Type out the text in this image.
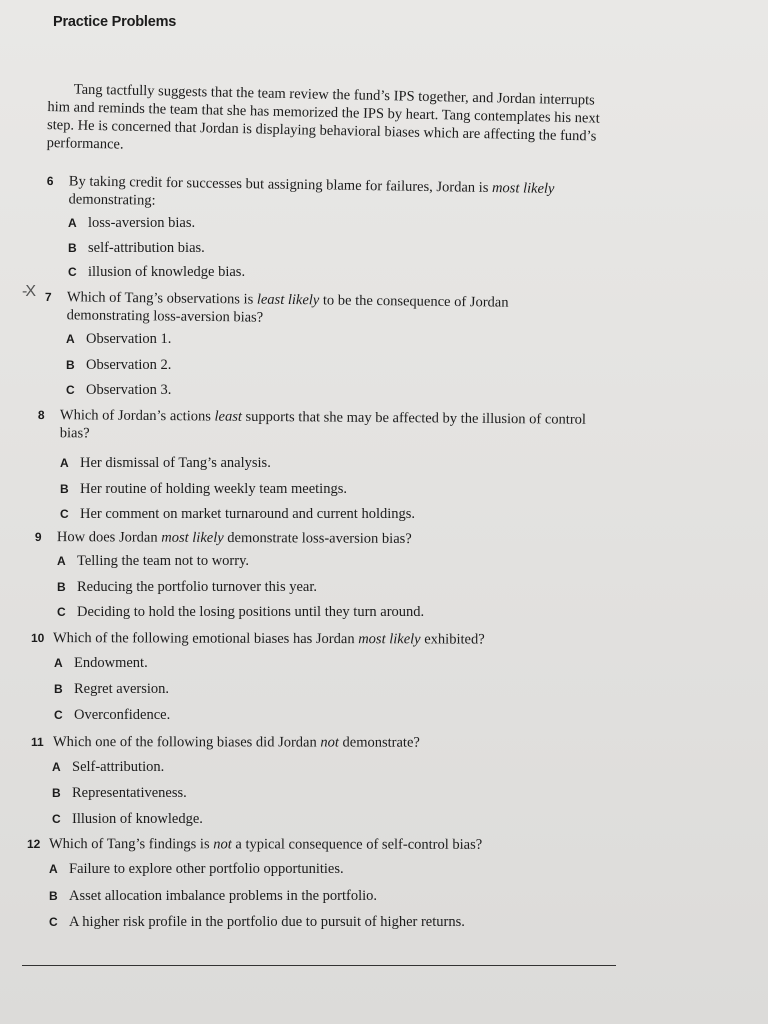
Practice Problems

Tang tactfully suggests that the team review the fund’s IPS together, and Jordan interrupts him and reminds the team that she has memorized the IPS by heart. Tang contemplates his next step. He is concerned that Jordan is displaying behavioral biases which are affecting the fund’s performance.

-X
6 By taking credit for successes but assigning blame for failures, Jordan is most likely demonstrating:
A loss-aversion bias.
B self-attribution bias.
C illusion of knowledge bias.
7 Which of Tang’s observations is least likely to be the consequence of Jordan demonstrating loss-aversion bias?
A Observation 1.
B Observation 2.
C Observation 3.
8 Which of Jordan’s actions least supports that she may be affected by the illusion of control bias?
A Her dismissal of Tang’s analysis.
B Her routine of holding weekly team meetings.
C Her comment on market turnaround and current holdings.
9 How does Jordan most likely demonstrate loss-aversion bias?
A Telling the team not to worry.
B Reducing the portfolio turnover this year.
C Deciding to hold the losing positions until they turn around.
10 Which of the following emotional biases has Jordan most likely exhibited?
A Endowment.
B Regret aversion.
C Overconfidence.
11 Which one of the following biases did Jordan not demonstrate?
A Self-attribution.
B Representativeness.
C Illusion of knowledge.
12 Which of Tang’s findings is not a typical consequence of self-control bias?
A Failure to explore other portfolio opportunities.
B Asset allocation imbalance problems in the portfolio.
C A higher risk profile in the portfolio due to pursuit of higher returns.
